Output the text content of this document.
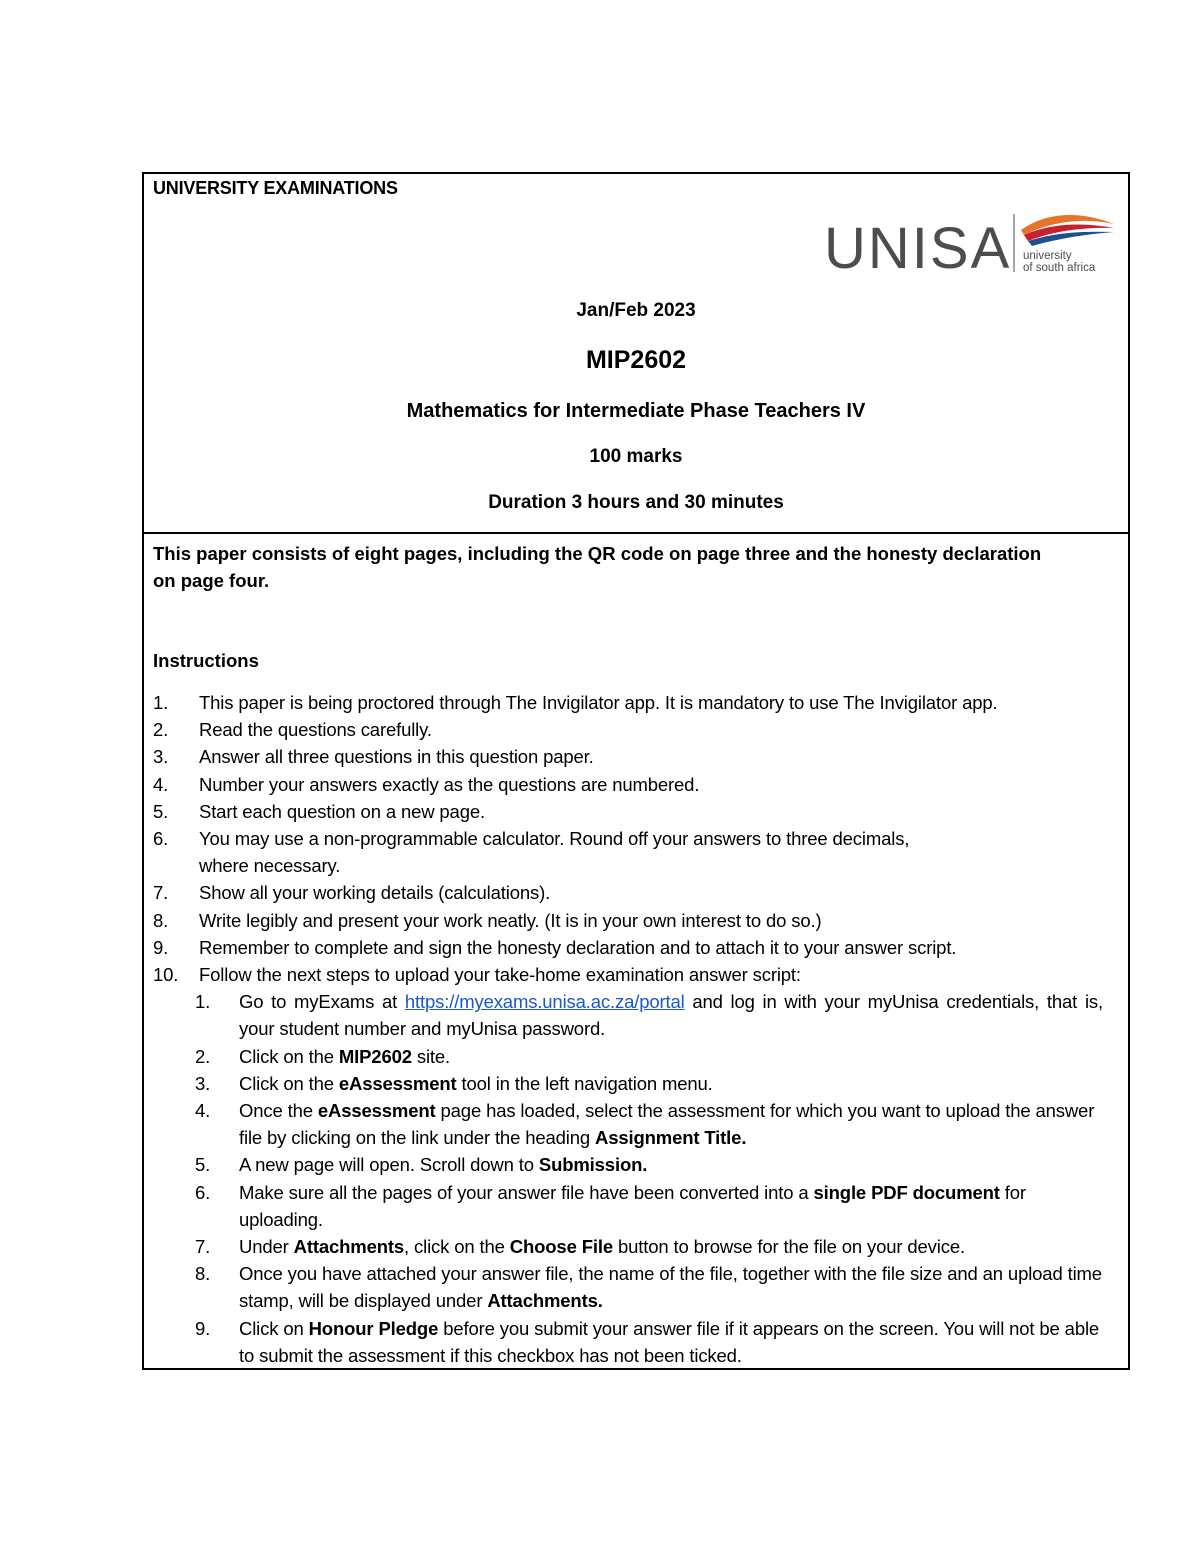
UNIVERSITY EXAMINATIONS
UNISA university
of south africa
Jan/Feb 2023
MIP2602
Mathematics for Intermediate Phase Teachers IV
100 marks
Duration 3 hours and 30 minutes
This paper consists of eight pages, including the QR code on page three and the honesty declaration on page four.
Instructions
1. This paper is being proctored through The Invigilator app. It is mandatory to use The Invigilator app.
2. Read the questions carefully.
3. Answer all three questions in this question paper.
4. Number your answers exactly as the questions are numbered.
5. Start each question on a new page.
6. You may use a non-programmable calculator. Round off your answers to three decimals,
where necessary.
7. Show all your working details (calculations).
8. Write legibly and present your work neatly. (It is in your own interest to do so.)
9. Remember to complete and sign the honesty declaration and to attach it to your answer script.
10. Follow the next steps to upload your take-home examination answer script:
1. Go to myExams at https://myexams.unisa.ac.za/portal and log in with your myUnisa credentials, that is, your student number and myUnisa password.
2. Click on the MIP2602 site.
3. Click on the eAssessment tool in the left navigation menu.
4. Once the eAssessment page has loaded, select the assessment for which you want to upload the answer file by clicking on the link under the heading Assignment Title.
5. A new page will open. Scroll down to Submission.
6. Make sure all the pages of your answer file have been converted into a single PDF document for uploading.
7. Under Attachments, click on the Choose File button to browse for the file on your device.
8. Once you have attached your answer file, the name of the file, together with the file size and an upload time stamp, will be displayed under Attachments.
9. Click on Honour Pledge before you submit your answer file if it appears on the screen. You will not be able to submit the assessment if this checkbox has not been ticked.
